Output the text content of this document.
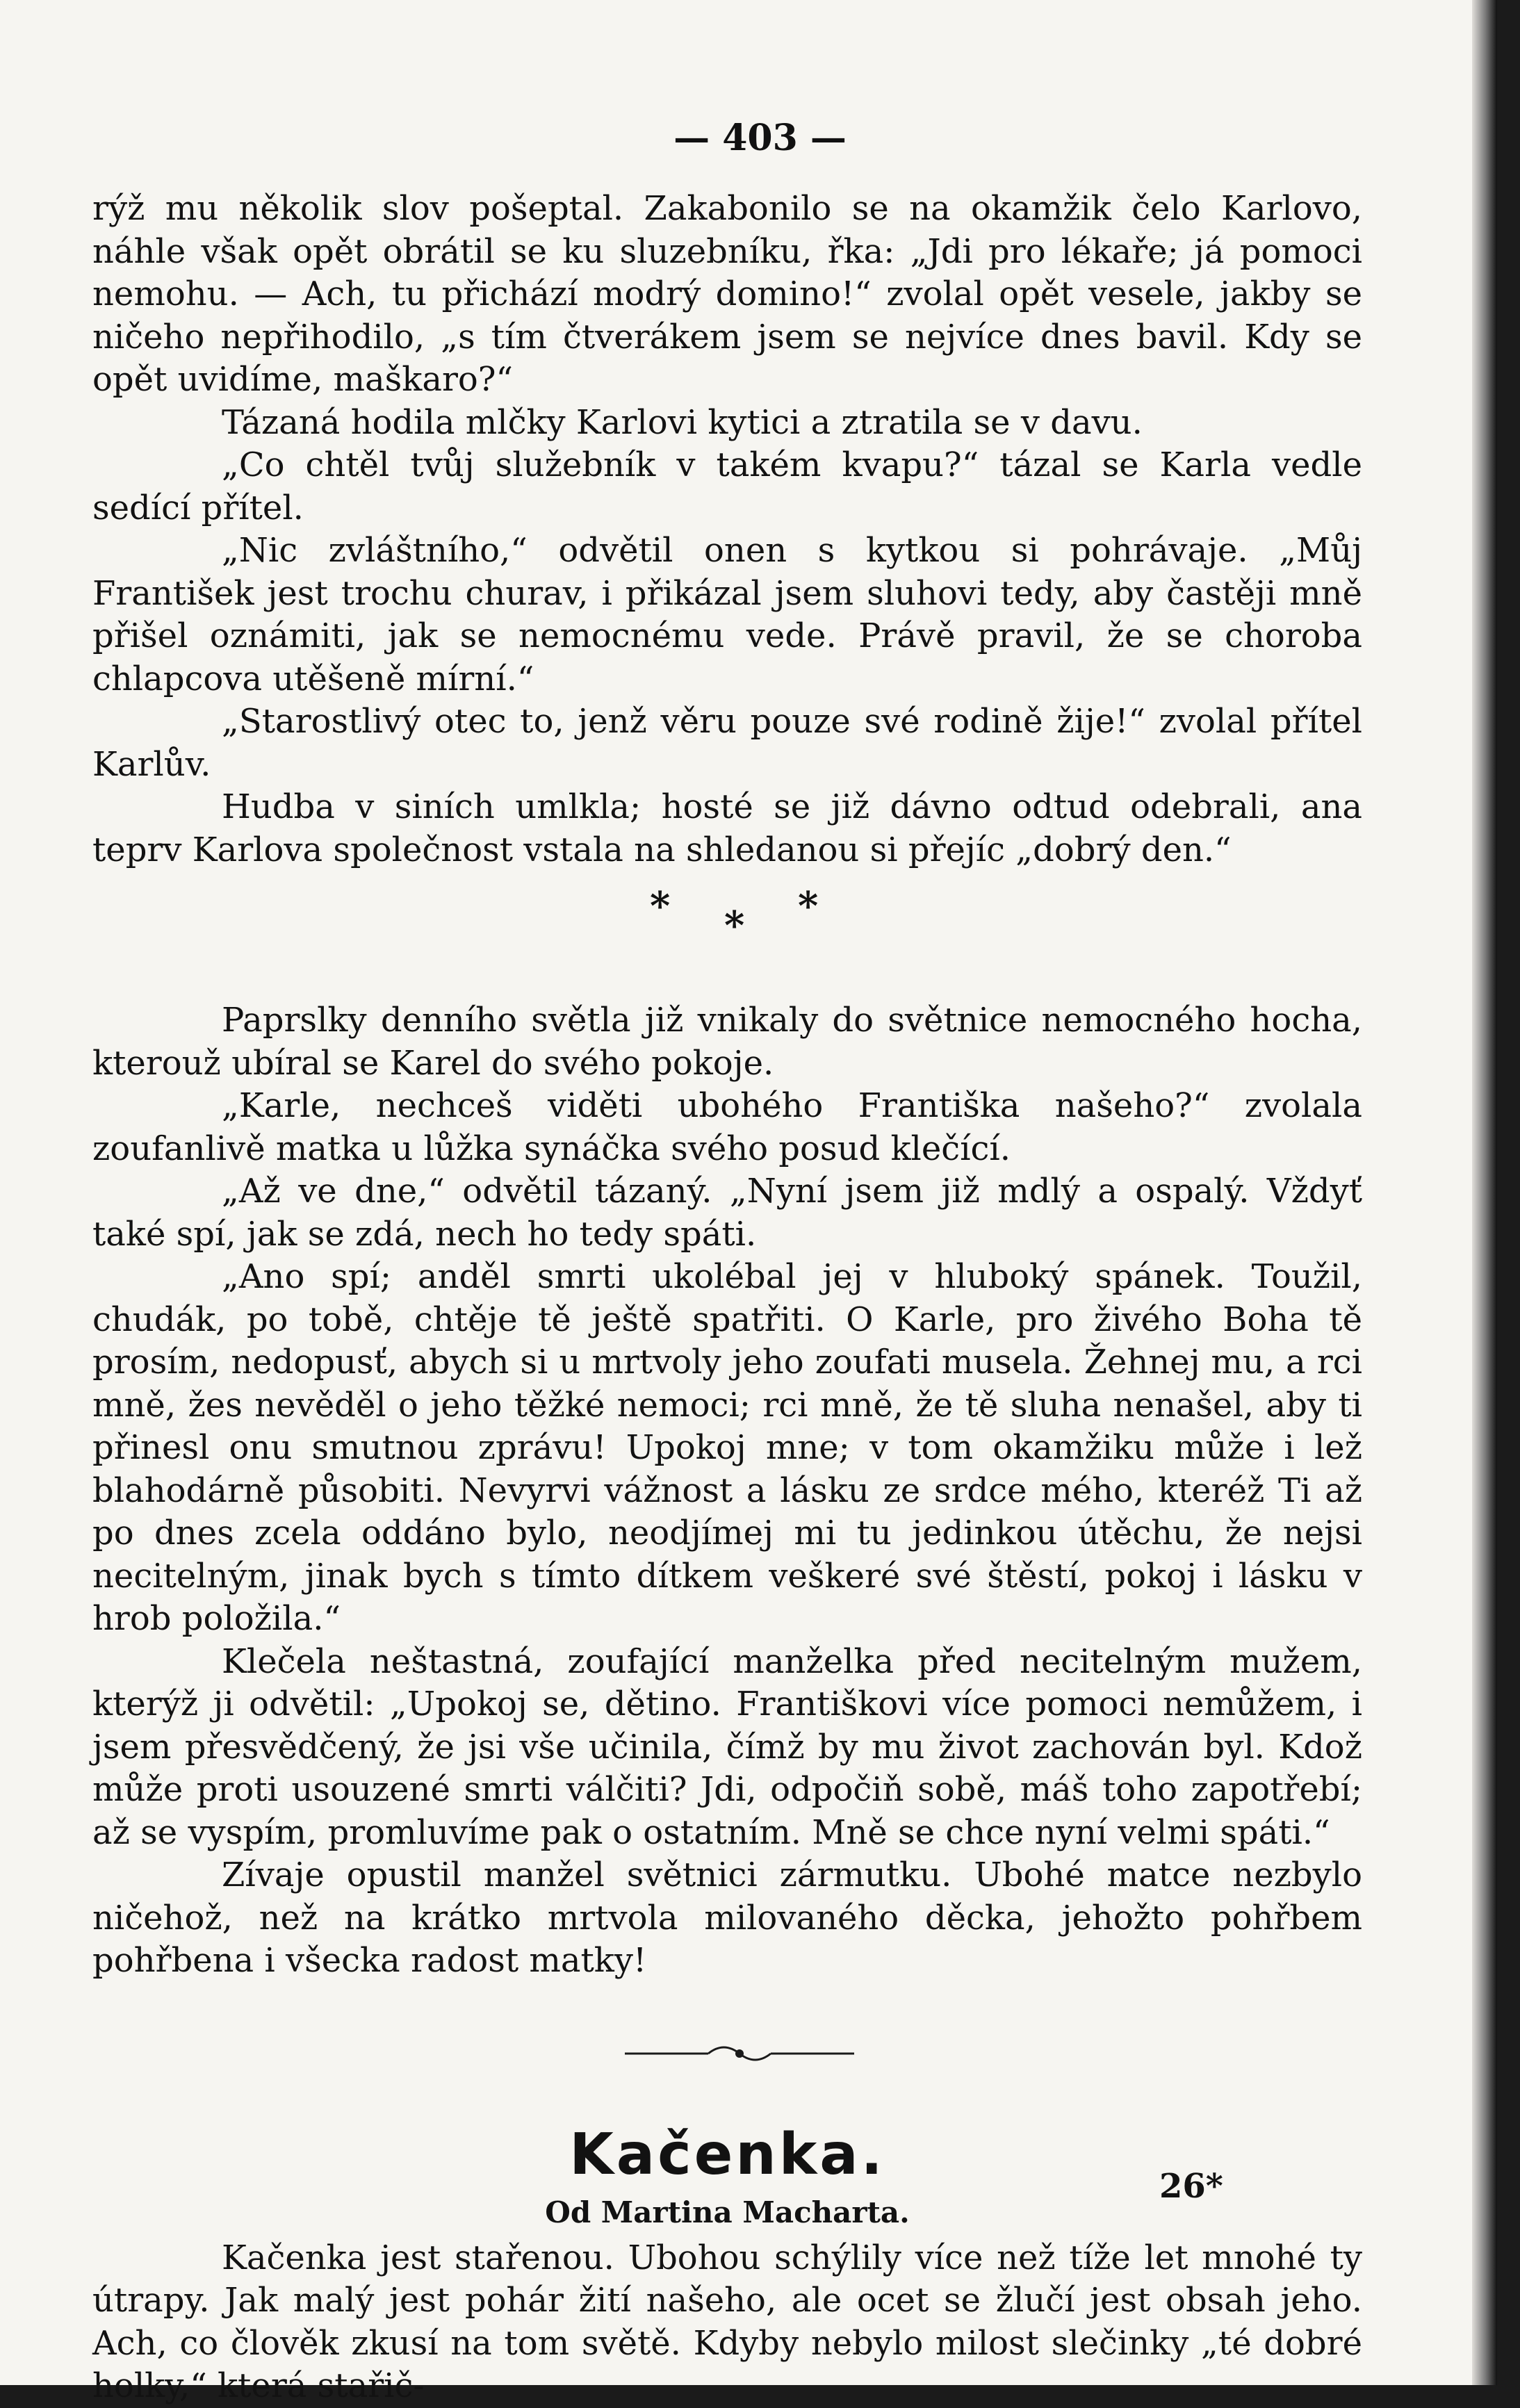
— 403 —

rýž mu několik slov pošeptal. Zakabonilo se na okamžik čelo Karlovo, náhle však opět obrátil se ku sluzebníku, řka: „Jdi pro lékaře; já pomoci nemohu. — Ach, tu přichází modrý domino!“ zvolal opět vesele, jakby se ničeho nepřihodilo, „s tím čtverákem jsem se nejvíce dnes bavil. Kdy se opět uvidíme, maškaro?“

Tázaná hodila mlčky Karlovi kytici a ztratila se v davu.

„Co chtěl tvůj služebník v takém kvapu?“ tázal se Karla vedle sedící přítel.

„Nic zvláštního,“ odvětil onen s kytkou si pohrávaje. „Můj František jest trochu churav, i přikázal jsem sluhovi tedy, aby častěji mně přišel oznámiti, jak se nemocnému vede. Právě pravil, že se choroba chlapcova utěšeně mírní.“

„Starostlivý otec to, jenž věru pouze své rodině žije!“ zvolal přítel Karlův.

Hudba v siních umlkla; hosté se již dávno odtud odebrali, ana teprv Karlova společnost vstala na shledanou si přejíc „dobrý den.“

* * *

Paprslky denního světla již vnikaly do světnice nemocného hocha, kterouž ubíral se Karel do svého pokoje.

„Karle, nechceš viděti ubohého Františka našeho?“ zvolala zoufanlivě matka u lůžka synáčka svého posud klečící.

„Až ve dne,“ odvětil tázaný. „Nyní jsem již mdlý a ospalý. Vždyť také spí, jak se zdá, nech ho tedy spáti.

„Ano spí; anděl smrti ukolébal jej v hluboký spánek. Toužil, chudák, po tobě, chtěje tě ještě spatřiti. O Karle, pro živého Boha tě prosím, nedopusť, abych si u mrtvoly jeho zoufati musela. Žehnej mu, a rci mně, žes nevěděl o jeho těžké nemoci; rci mně, že tě sluha nenašel, aby ti přinesl onu smutnou zprávu! Upokoj mne; v tom okamžiku může i lež blahodárně působiti. Nevyrvi vážnost a lásku ze srdce mého, kteréž Ti až po dnes zcela oddáno bylo, neodjímej mi tu jedinkou útěchu, že nejsi necitelným, jinak bych s tímto dítkem veškeré své štěstí, pokoj i lásku v hrob položila.“

Klečela neštastná, zoufající manželka před necitelným mužem, kterýž ji odvětil: „Upokoj se, dětino. Františkovi více pomoci nemůžem, i jsem přesvědčený, že jsi vše učinila, čímž by mu život zachován byl. Kdož může proti usouzené smrti válčiti? Jdi, odpočiň sobě, máš toho zapotřebí; až se vyspím, promluvíme pak o ostatním. Mně se chce nyní velmi spáti.“

Zívaje opustil manžel světnici zármutku. Ubohé matce nezbylo ničehož, než na krátko mrtvola milovaného děcka, jehožto pohřbem pohřbena i všecka radost matky!

Kačenka.

Od Martina Macharta.

Kačenka jest stařenou. Ubohou schýlily více než tíže let mnohé ty útrapy. Jak malý jest pohár žití našeho, ale ocet se žlučí jest obsah jeho. Ach, co člověk zkusí na tom světě. Kdyby nebylo milost slečinky „té dobré holky,“ která stařič-

26*
